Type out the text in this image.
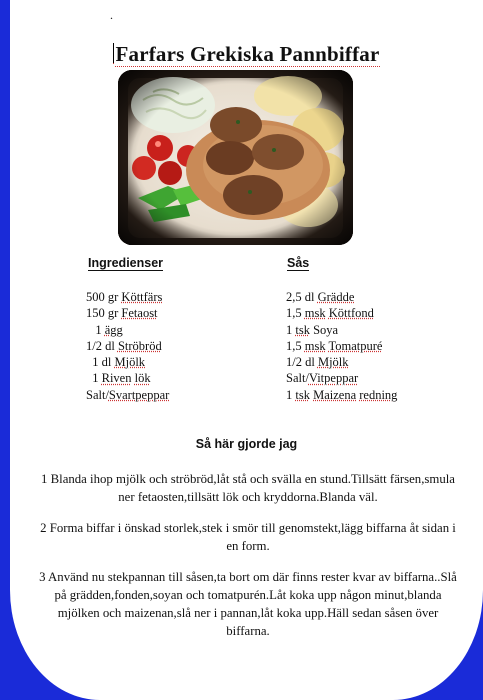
.
Farfars Grekiska Pannbiffar
Ingredienser	Sås
500 gr Köttfärs
150 gr Fetaost
1 ägg
1/2 dl Ströbröd
1 dl Mjölk
1 Riven lök
Salt/Svartpeppar
2,5 dl Grädde
1,5 msk Köttfond
1 tsk Soya
1,5 msk Tomatpuré
1/2 dl Mjölk
Salt/Vitpeppar
1 tsk Maizena redning
Så här gjorde jag
1 Blanda ihop mjölk och ströbröd,låt stå och svälla en stund.Tillsätt färsen,smula ner fetaosten,tillsätt lök och kryddorna.Blanda väl.
2 Forma biffar i önskad storlek,stek i smör till genomstekt,lägg biffarna åt sidan i en form.
3 Använd nu stekpannan till såsen,ta bort om där finns rester kvar av biffarna..Slå på grädden,fonden,soyan och tomatpurén.Låt koka upp någon minut,blanda mjölken och maizenan,slå ner i pannan,låt koka upp.Häll sedan såsen över biffarna.
